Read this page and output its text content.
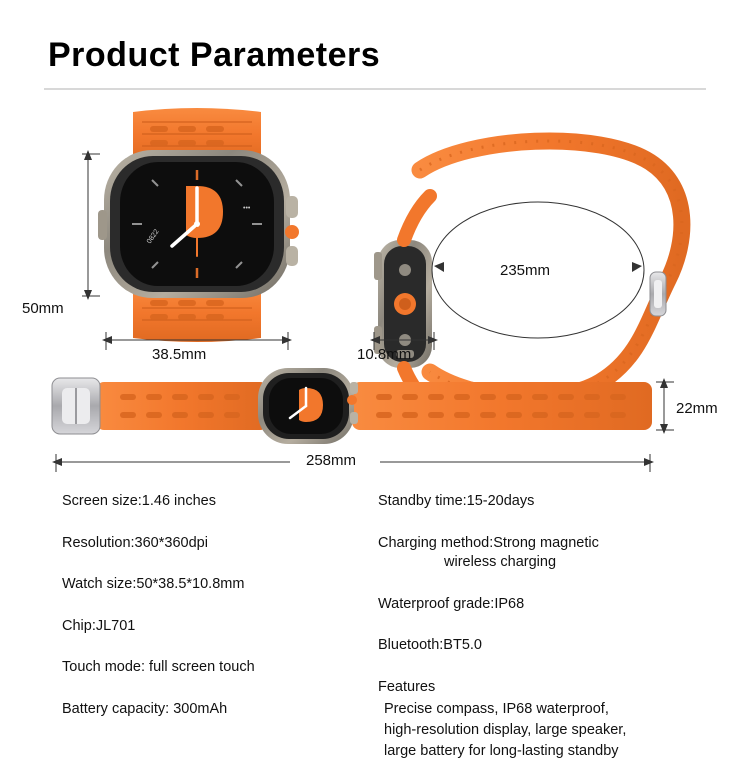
Product Parameters
0822
•••
50mm
38.5mm	10.8mm
235mm
258mm
22mm
Screen size:1.46 inches
Resolution:360*360dpi
Watch size:50*38.5*10.8mm
Chip:JL701
Touch mode: full screen touch
Battery capacity: 300mAh
Standby time:15-20days
Charging method:Strong magnetic
wireless charging
Waterproof grade:IP68
Bluetooth:BT5.0
Features
Precise compass, IP68 waterproof,
high-resolution display, large speaker,
large battery for long-lasting standby
